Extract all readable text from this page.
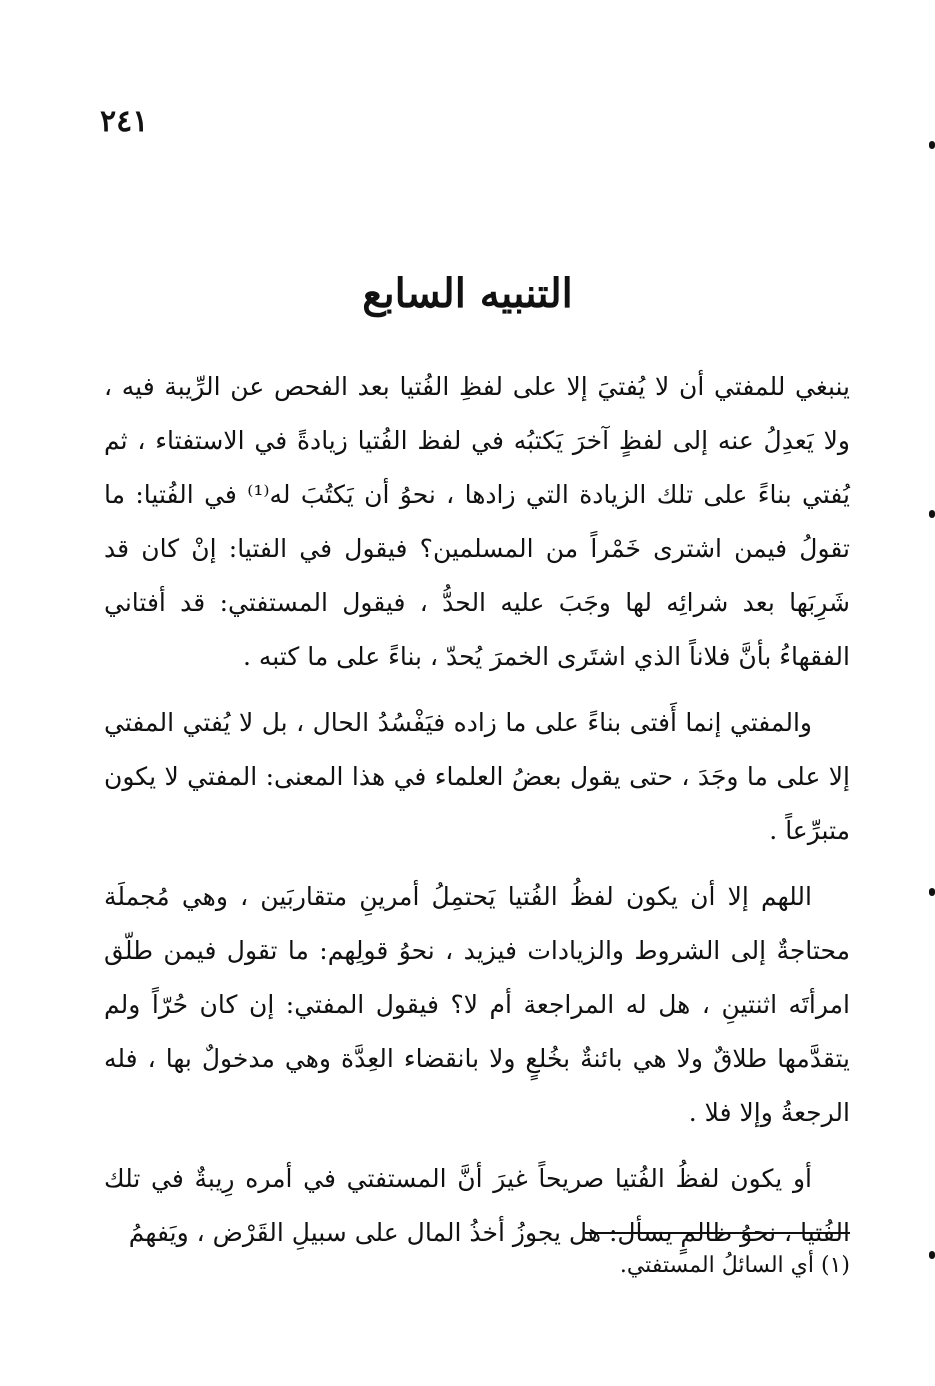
٢٤١
التنبيه السابع

ينبغي للمفتي أن لا يُفتيَ إلا على لفظِ الفُتيا بعد الفحص عن الرِّيبة فيه ، ولا يَعدِلُ عنه إلى لفظٍ آخرَ يَكتبُه في لفظ الفُتيا زيادةً في الاستفتاء ، ثم يُفتي بناءً على تلك الزيادة التي زادها ، نحوُ أن يَكتُبَ له⁽¹⁾ في الفُتيا: ما تقولُ فيمن اشترى خَمْراً من المسلمين؟ فيقول في الفتيا: إنْ كان قد شَرِبَها بعد شرائِه لها وجَبَ عليه الحدُّ ، فيقول المستفتي: قد أفتاني الفقهاءُ بأنَّ فلاناً الذي اشتَرى الخمرَ يُحدّ ، بناءً على ما كتبه .

والمفتي إنما أَفتى بناءً على ما زاده فيَفْسُدُ الحال ، بل لا يُفتي المفتي إلا على ما وجَدَ ، حتى يقول بعضُ العلماء في هذا المعنى: المفتي لا يكون متبرِّعاً .

اللهم إلا أن يكون لفظُ الفُتيا يَحتمِلُ أمرينِ متقاربَين ، وهي مُجملَة محتاجةٌ إلى الشروط والزيادات فيزيد ، نحوُ قولِهم: ما تقول فيمن طلّق امرأتَه اثنتينِ ، هل له المراجعة أم لا؟ فيقول المفتي: إن كان حُرّاً ولم يتقدَّمها طلاقٌ ولا هي بائنةٌ بخُلعٍ ولا بانقضاء العِدَّة وهي مدخولٌ بها ، فله الرجعةُ وإلا فلا .

أو يكون لفظُ الفُتيا صريحاً غيرَ أنَّ المستفتي في أمره رِيبةٌ في تلك الفُتيا ، نحوُ ظالمٍ يسأل: هل يجوزُ أخذُ المال على سبيلِ القَرْض ، ويَفهمُ

(١) أي السائلُ المستفتي.
